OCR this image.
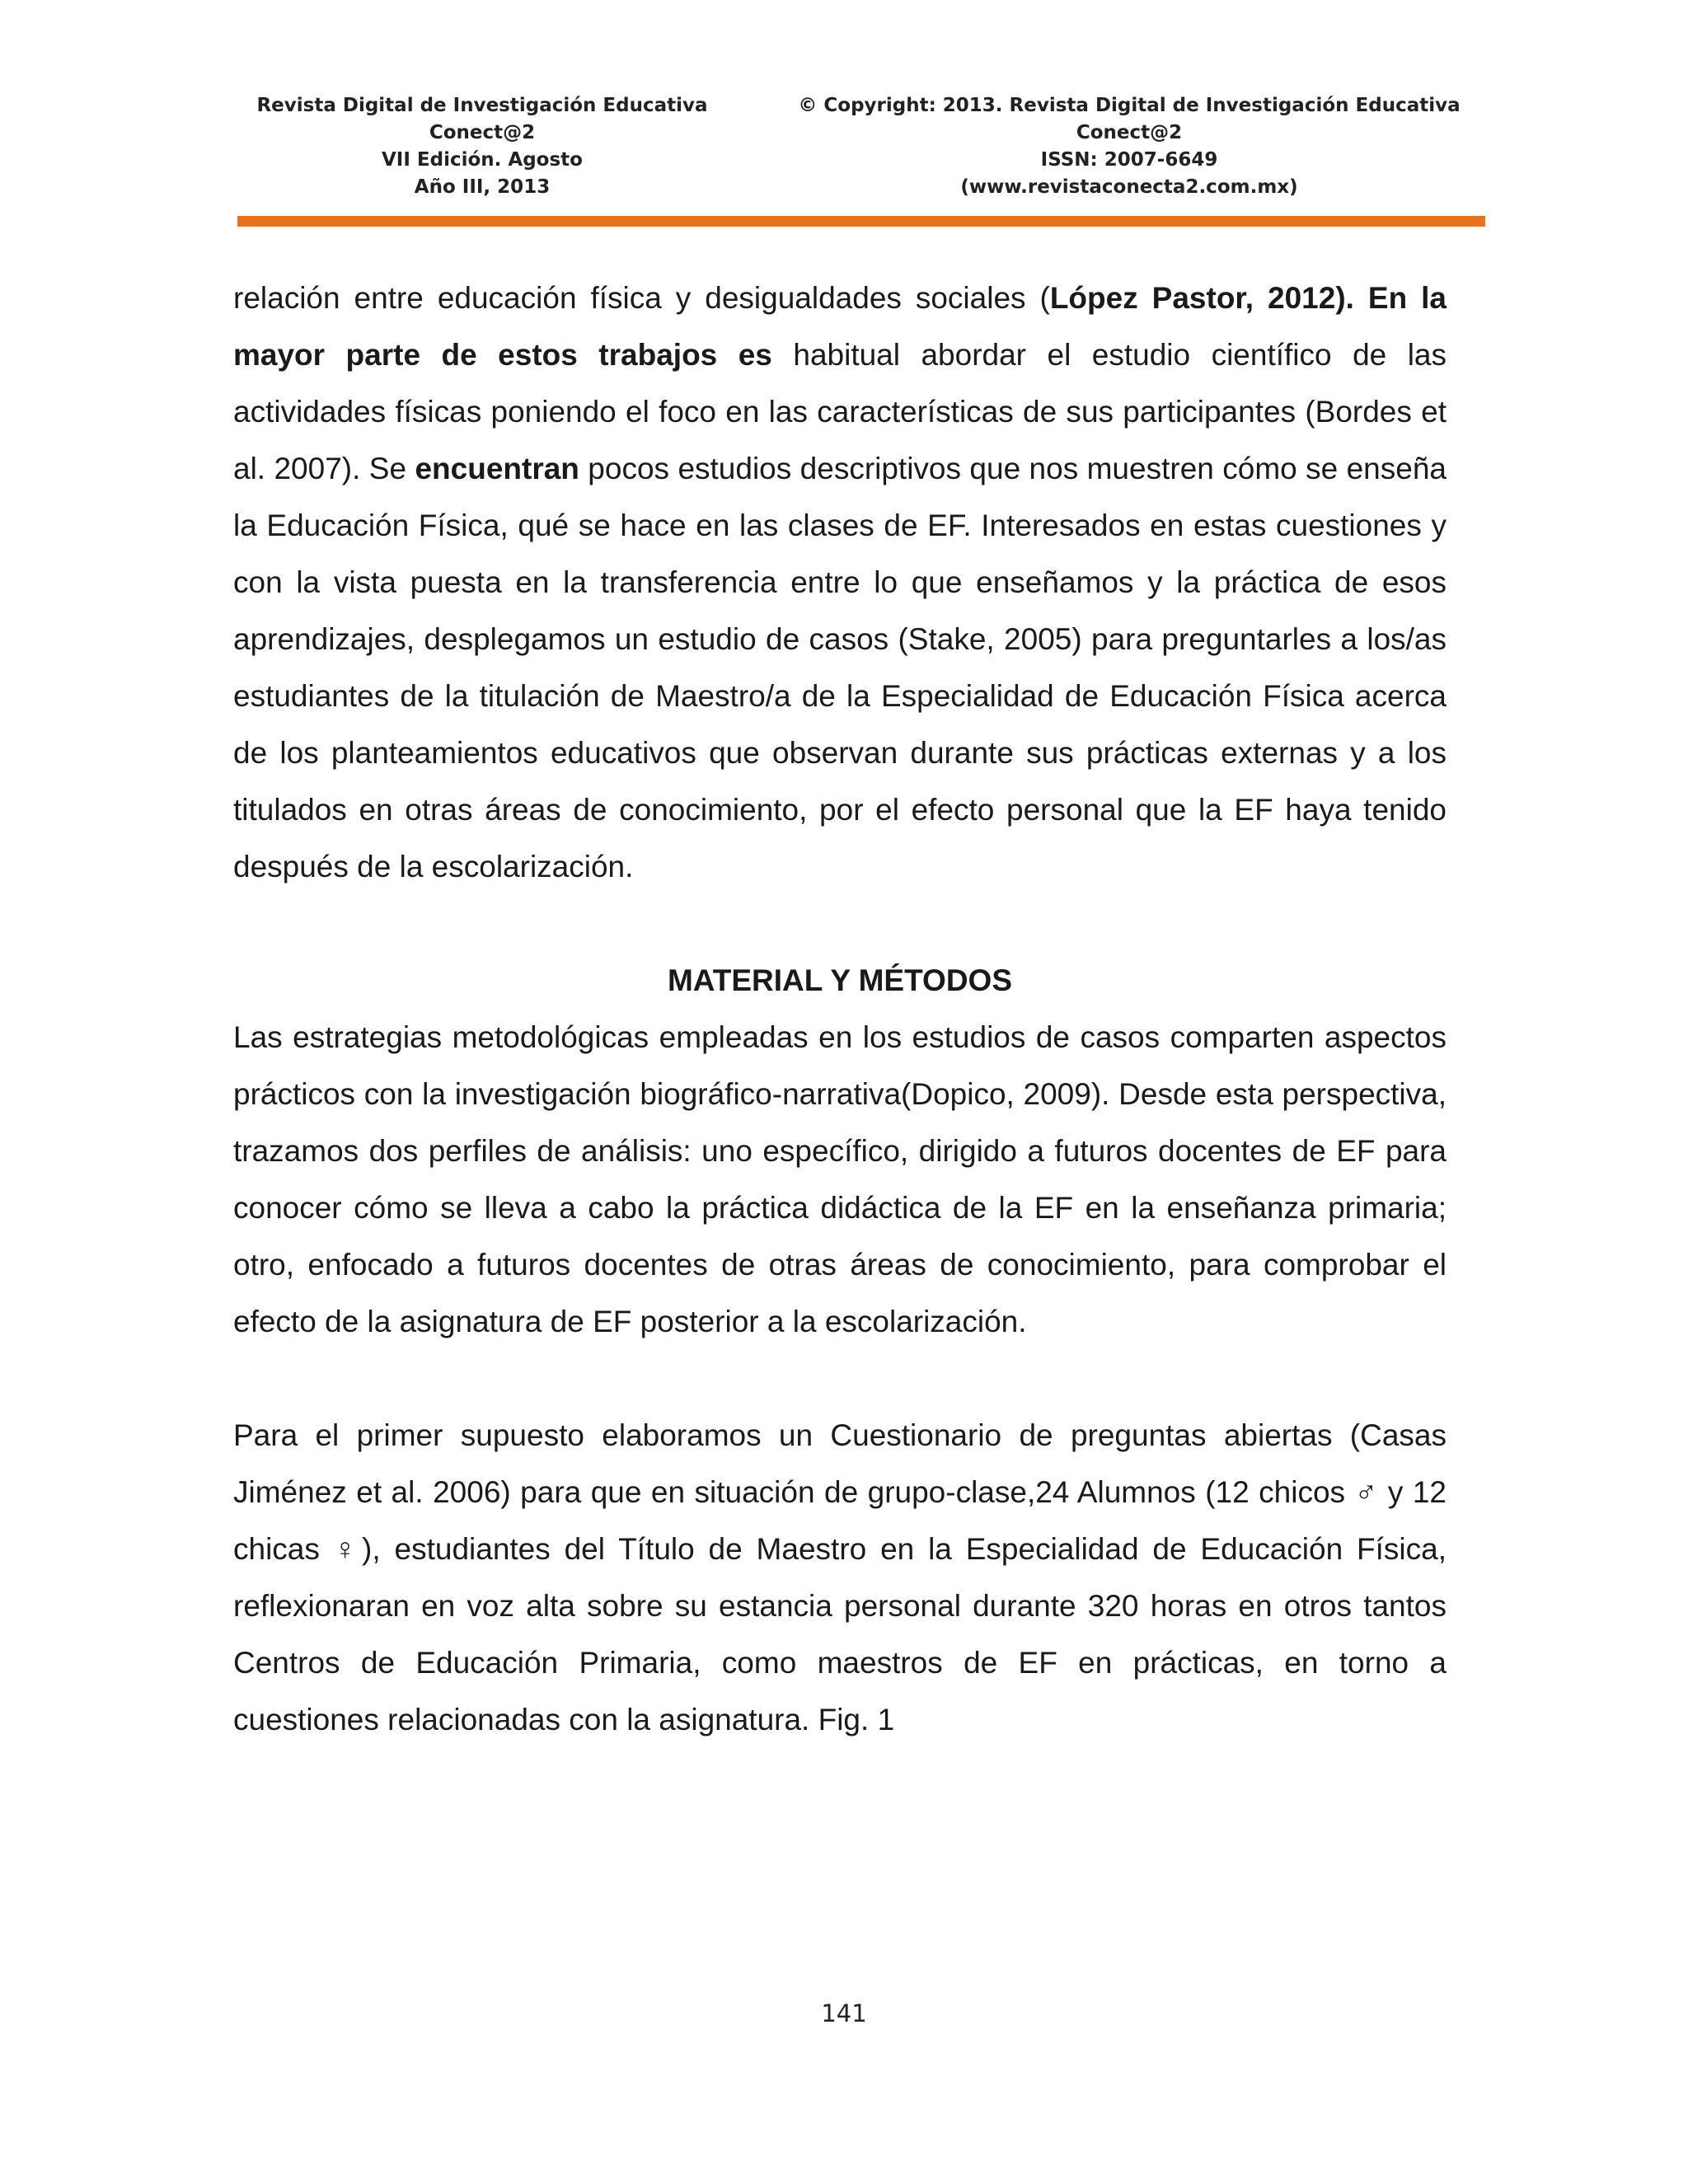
Revista Digital de Investigación Educativa
Conect@2
VII Edición. Agosto
Año III, 2013
© Copyright: 2013. Revista Digital de Investigación Educativa
Conect@2
ISSN: 2007-6649
(www.revistaconecta2.com.mx)

relación entre educación física y desigualdades sociales (López Pastor, 2012). En la mayor parte de estos trabajos es habitual abordar el estudio científico de las actividades físicas poniendo el foco en las características de sus participantes (Bordes et al. 2007). Se encuentran pocos estudios descriptivos que nos muestren cómo se enseña la Educación Física, qué se hace en las clases de EF. Interesados en estas cuestiones y con la vista puesta en la transferencia entre lo que enseñamos y la práctica de esos aprendizajes, desplegamos un estudio de casos (Stake, 2005) para preguntarles a los/as estudiantes de la titulación de Maestro/a de la Especialidad de Educación Física acerca de los planteamientos educativos que observan durante sus prácticas externas y a los titulados en otras áreas de conocimiento, por el efecto personal que la EF haya tenido después de la escolarización.

MATERIAL Y MÉTODOS

Las estrategias metodológicas empleadas en los estudios de casos comparten aspectos prácticos con la investigación biográfico-narrativa(Dopico, 2009). Desde esta perspectiva, trazamos dos perfiles de análisis: uno específico, dirigido a futuros docentes de EF para conocer cómo se lleva a cabo la práctica didáctica de la EF en la enseñanza primaria; otro, enfocado a futuros docentes de otras áreas de conocimiento, para comprobar el efecto de la asignatura de EF posterior a la escolarización.

Para el primer supuesto elaboramos un Cuestionario de preguntas abiertas (Casas Jiménez et al. 2006) para que en situación de grupo-clase,24 Alumnos (12 chicos ♂ y 12 chicas ♀), estudiantes del Título de Maestro en la Especialidad de Educación Física, reflexionaran en voz alta sobre su estancia personal durante 320 horas en otros tantos Centros de Educación Primaria, como maestros de EF en prácticas, en torno a cuestiones relacionadas con la asignatura. Fig. 1

141
